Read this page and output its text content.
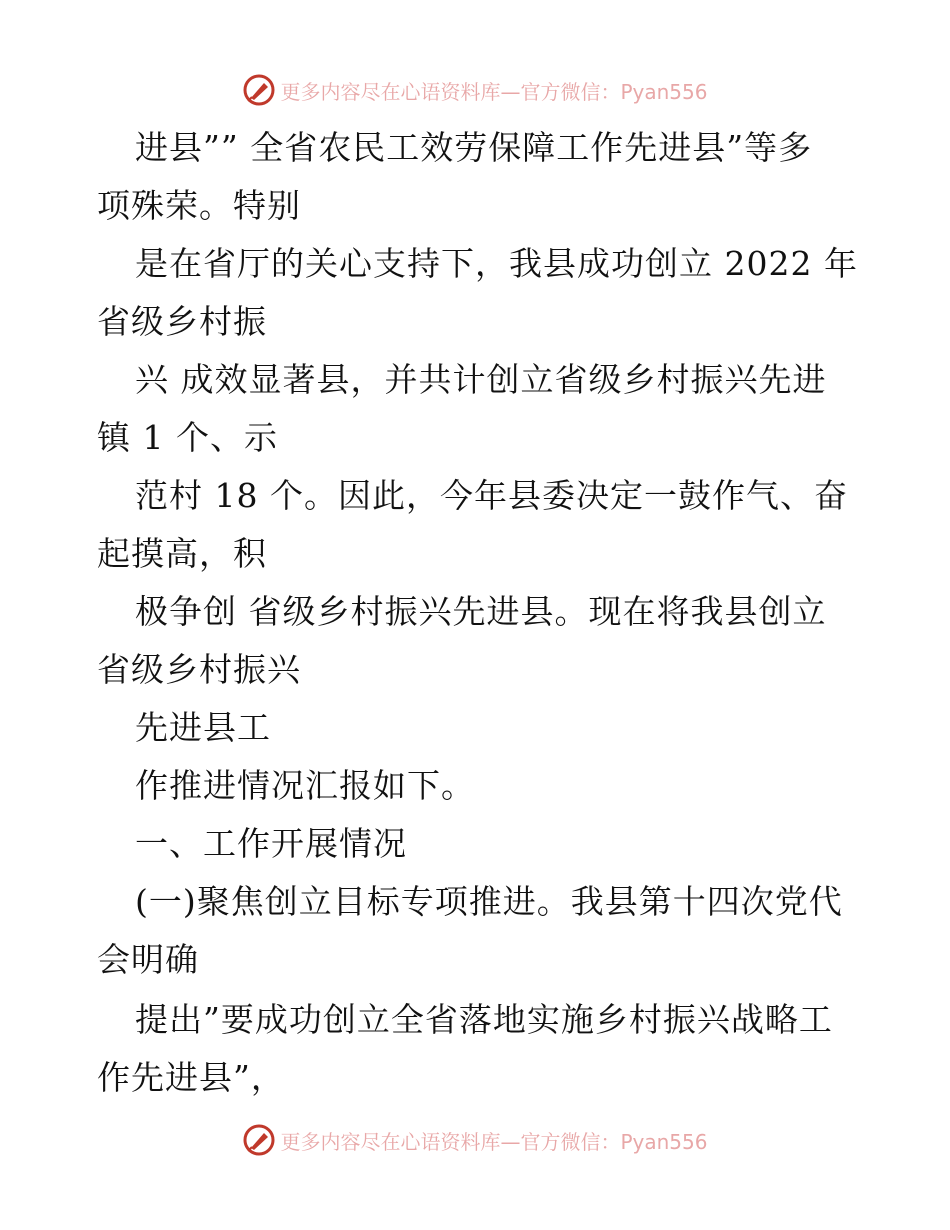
更多内容尽在心语资料库—官方微信：Pyan556
进县”” 全省农民工效劳保障工作先进县”等多
项殊荣。特别
是在省厅的关心支持下，我县成功创立 2022 年
省级乡村振
兴 成效显著县，并共计创立省级乡村振兴先进
镇 1 个、示
范村 18 个。因此，今年县委决定一鼓作气、奋
起摸高，积
极争创 省级乡村振兴先进县。现在将我县创立
省级乡村振兴
先进县工
作推进情况汇报如下。
一、工作开展情况
(一)聚焦创立目标专项推进。我县第十四次党代
会明确
提出”要成功创立全省落地实施乡村振兴战略工
作先进县”，
更多内容尽在心语资料库—官方微信：Pyan556
